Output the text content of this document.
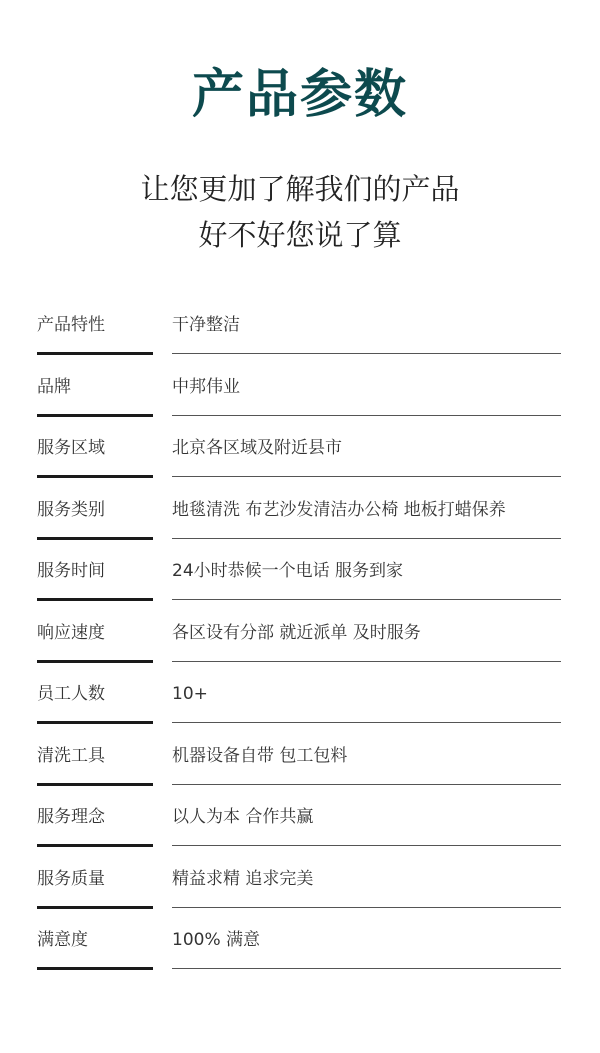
产品参数
让您更加了解我们的产品
好不好您说了算
产品特性	干净整洁
品牌	中邦伟业
服务区域	北京各区域及附近县市
服务类别	地毯清洗 布艺沙发清洁办公椅 地板打蜡保养
服务时间	24小时恭候一个电话 服务到家
响应速度	各区设有分部 就近派单 及时服务
员工人数	10+
清洗工具	机器设备自带 包工包料
服务理念	以人为本 合作共赢
服务质量	精益求精 追求完美
满意度	100% 满意
